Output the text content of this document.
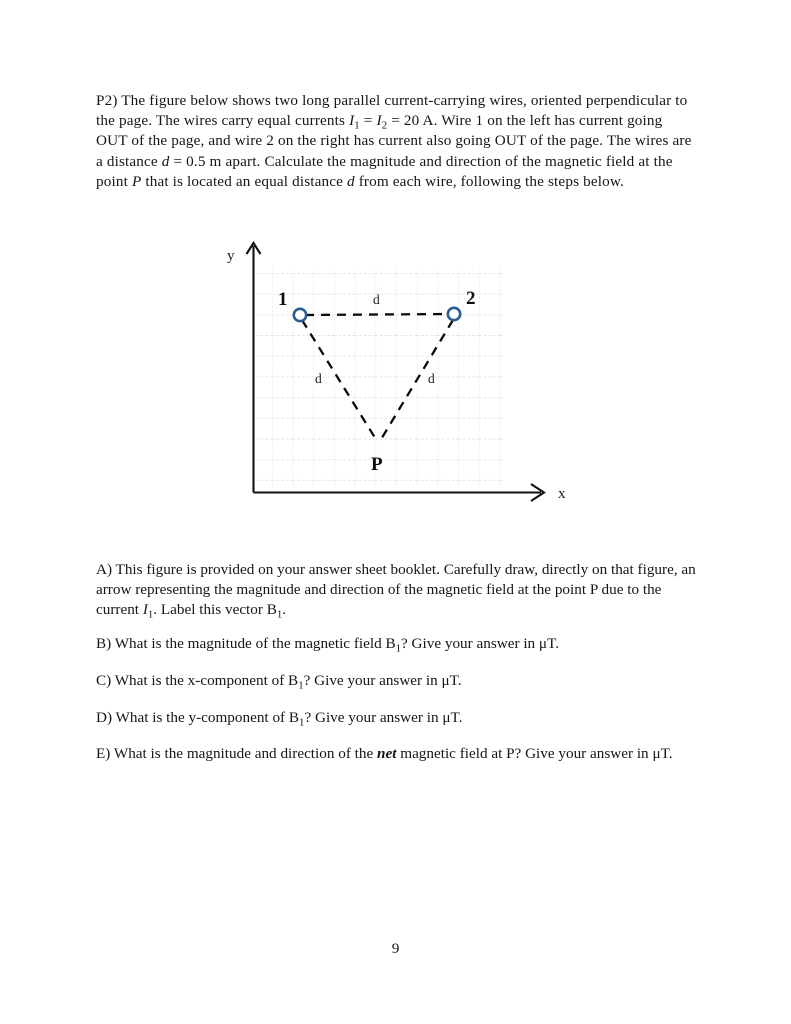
P2) The figure below shows two long parallel current-carrying wires, oriented perpendicular to the page. The wires carry equal currents $I_1 = I_2 = 20$ A. Wire 1 on the left has current going OUT of the page, and wire 2 on the right has current also going OUT of the page. The wires are a distance d = 0.5 m apart. Calculate the magnitude and direction of the magnetic field at the point P that is located an equal distance d from each wire, following the steps below.
y
x
1	2
P
d
d	d
A) This figure is provided on your answer sheet booklet. Carefully draw, directly on that figure, an arrow representing the magnitude and direction of the magnetic field at the point P due to the current $I_1$. Label this vector $B_1$.
B) What is the magnitude of the magnetic field $B_1$? Give your answer in μT.
C) What is the x-component of $B_1$? Give your answer in μT.
D) What is the y-component of $B_1$? Give your answer in μT.
E) What is the magnitude and direction of the net magnetic field at P? Give your answer in μT.
9
